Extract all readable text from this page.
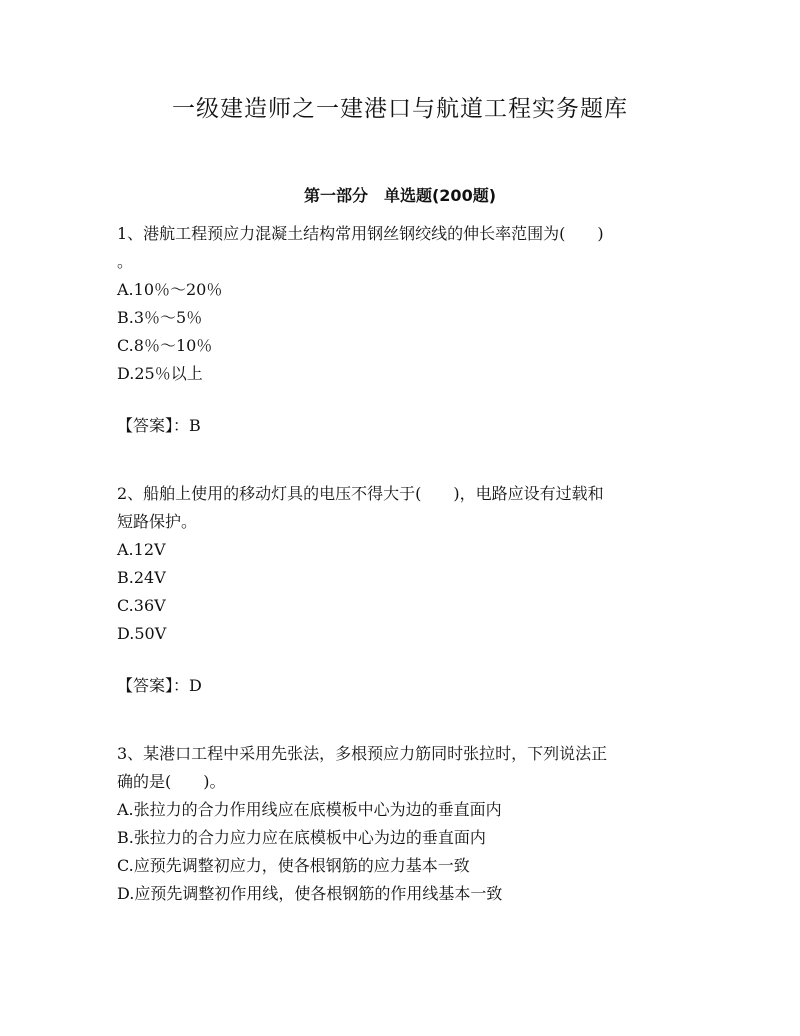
一级建造师之一建港口与航道工程实务题库
第一部分　单选题(200题)
1、港航工程预应力混凝土结构常用钢丝钢绞线的伸长率范围为(　　)
。
A.10％～20％
B.3％～5％
C.8％～10％
D.25％以上
【答案】：B
2、船舶上使用的移动灯具的电压不得大于(　　)，电路应设有过载和
短路保护。
A.12V
B.24V
C.36V
D.50V
【答案】：D
3、某港口工程中采用先张法，多根预应力筋同时张拉时，下列说法正
确的是(　　)。
A.张拉力的合力作用线应在底模板中心为边的垂直面内
B.张拉力的合力应力应在底模板中心为边的垂直面内
C.应预先调整初应力，使各根钢筋的应力基本一致
D.应预先调整初作用线，使各根钢筋的作用线基本一致
